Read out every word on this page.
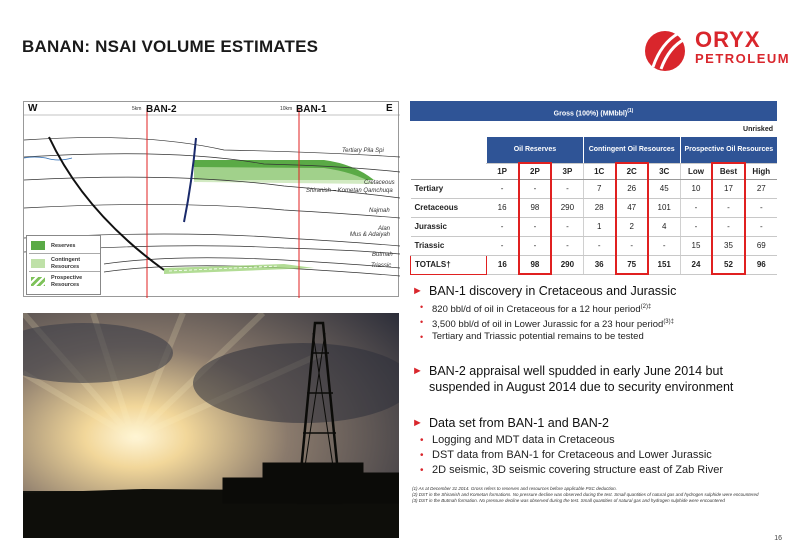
BANAN: NSAI VOLUME ESTIMATES	ORYX
PETROLEUM
W	E
5km	10km
BAN-2	BAN-1
Tertiary Pila Spi
Cretaceous
Shiranish – Kometan Qamchuqa
Najmah
Alan
Mus & Adaiyah
Butmah
Triassic
Reserves
Contingent Resources
Prospective Resources
Gross (100%) (MMbbl)$^{(1)}$
Unrisked									
	Oil Reserves			Contingent Oil Resources			Prospective Oil Resources		
	1P	2P	3P	1C	2C	3C	Low	Best	High
Tertiary	-	-	-	7	26	45	10	17	27
Cretaceous	16	98	290	28	47	101	-	-	-
Jurassic	-	-	-	1	2	4	-	-	-
Triassic	-	-	-	-	-	-	15	35	69
TOTALS†	16	98	290	36	75	151	24	52	96
► BAN-1 discovery in Cretaceous and Jurassic
• 820 bbl/d of oil in Cretaceous for a 12 hour period$^{(2)\ddagger}$
• 3,500 bbl/d of oil in Lower Jurassic for a 23 hour period$^{(3)\ddagger}$
• Tertiary and Triassic potential remains to be tested
► BAN-2 appraisal well spudded in early June 2014 but suspended in August 2014 due to security environment
► Data set from BAN-1 and BAN-2
• Logging and MDT data in Cretaceous
• DST data from BAN-1 for Cretaceous and Lower Jurassic
• 2D seismic, 3D seismic covering structure east of Zab River
(1) As at December 31 2014. Gross refers to reserves and resources before applicable PSC deduction.
(2) DST in the Shiranish and Kometan formations. No pressure decline was observed during the test. Small quantities of natural gas and hydrogen sulphide were encountered
(3) DST in the Butmah formation. No pressure decline was observed during the test. Small quantities of natural gas and hydrogen sulphide were encountered
16
